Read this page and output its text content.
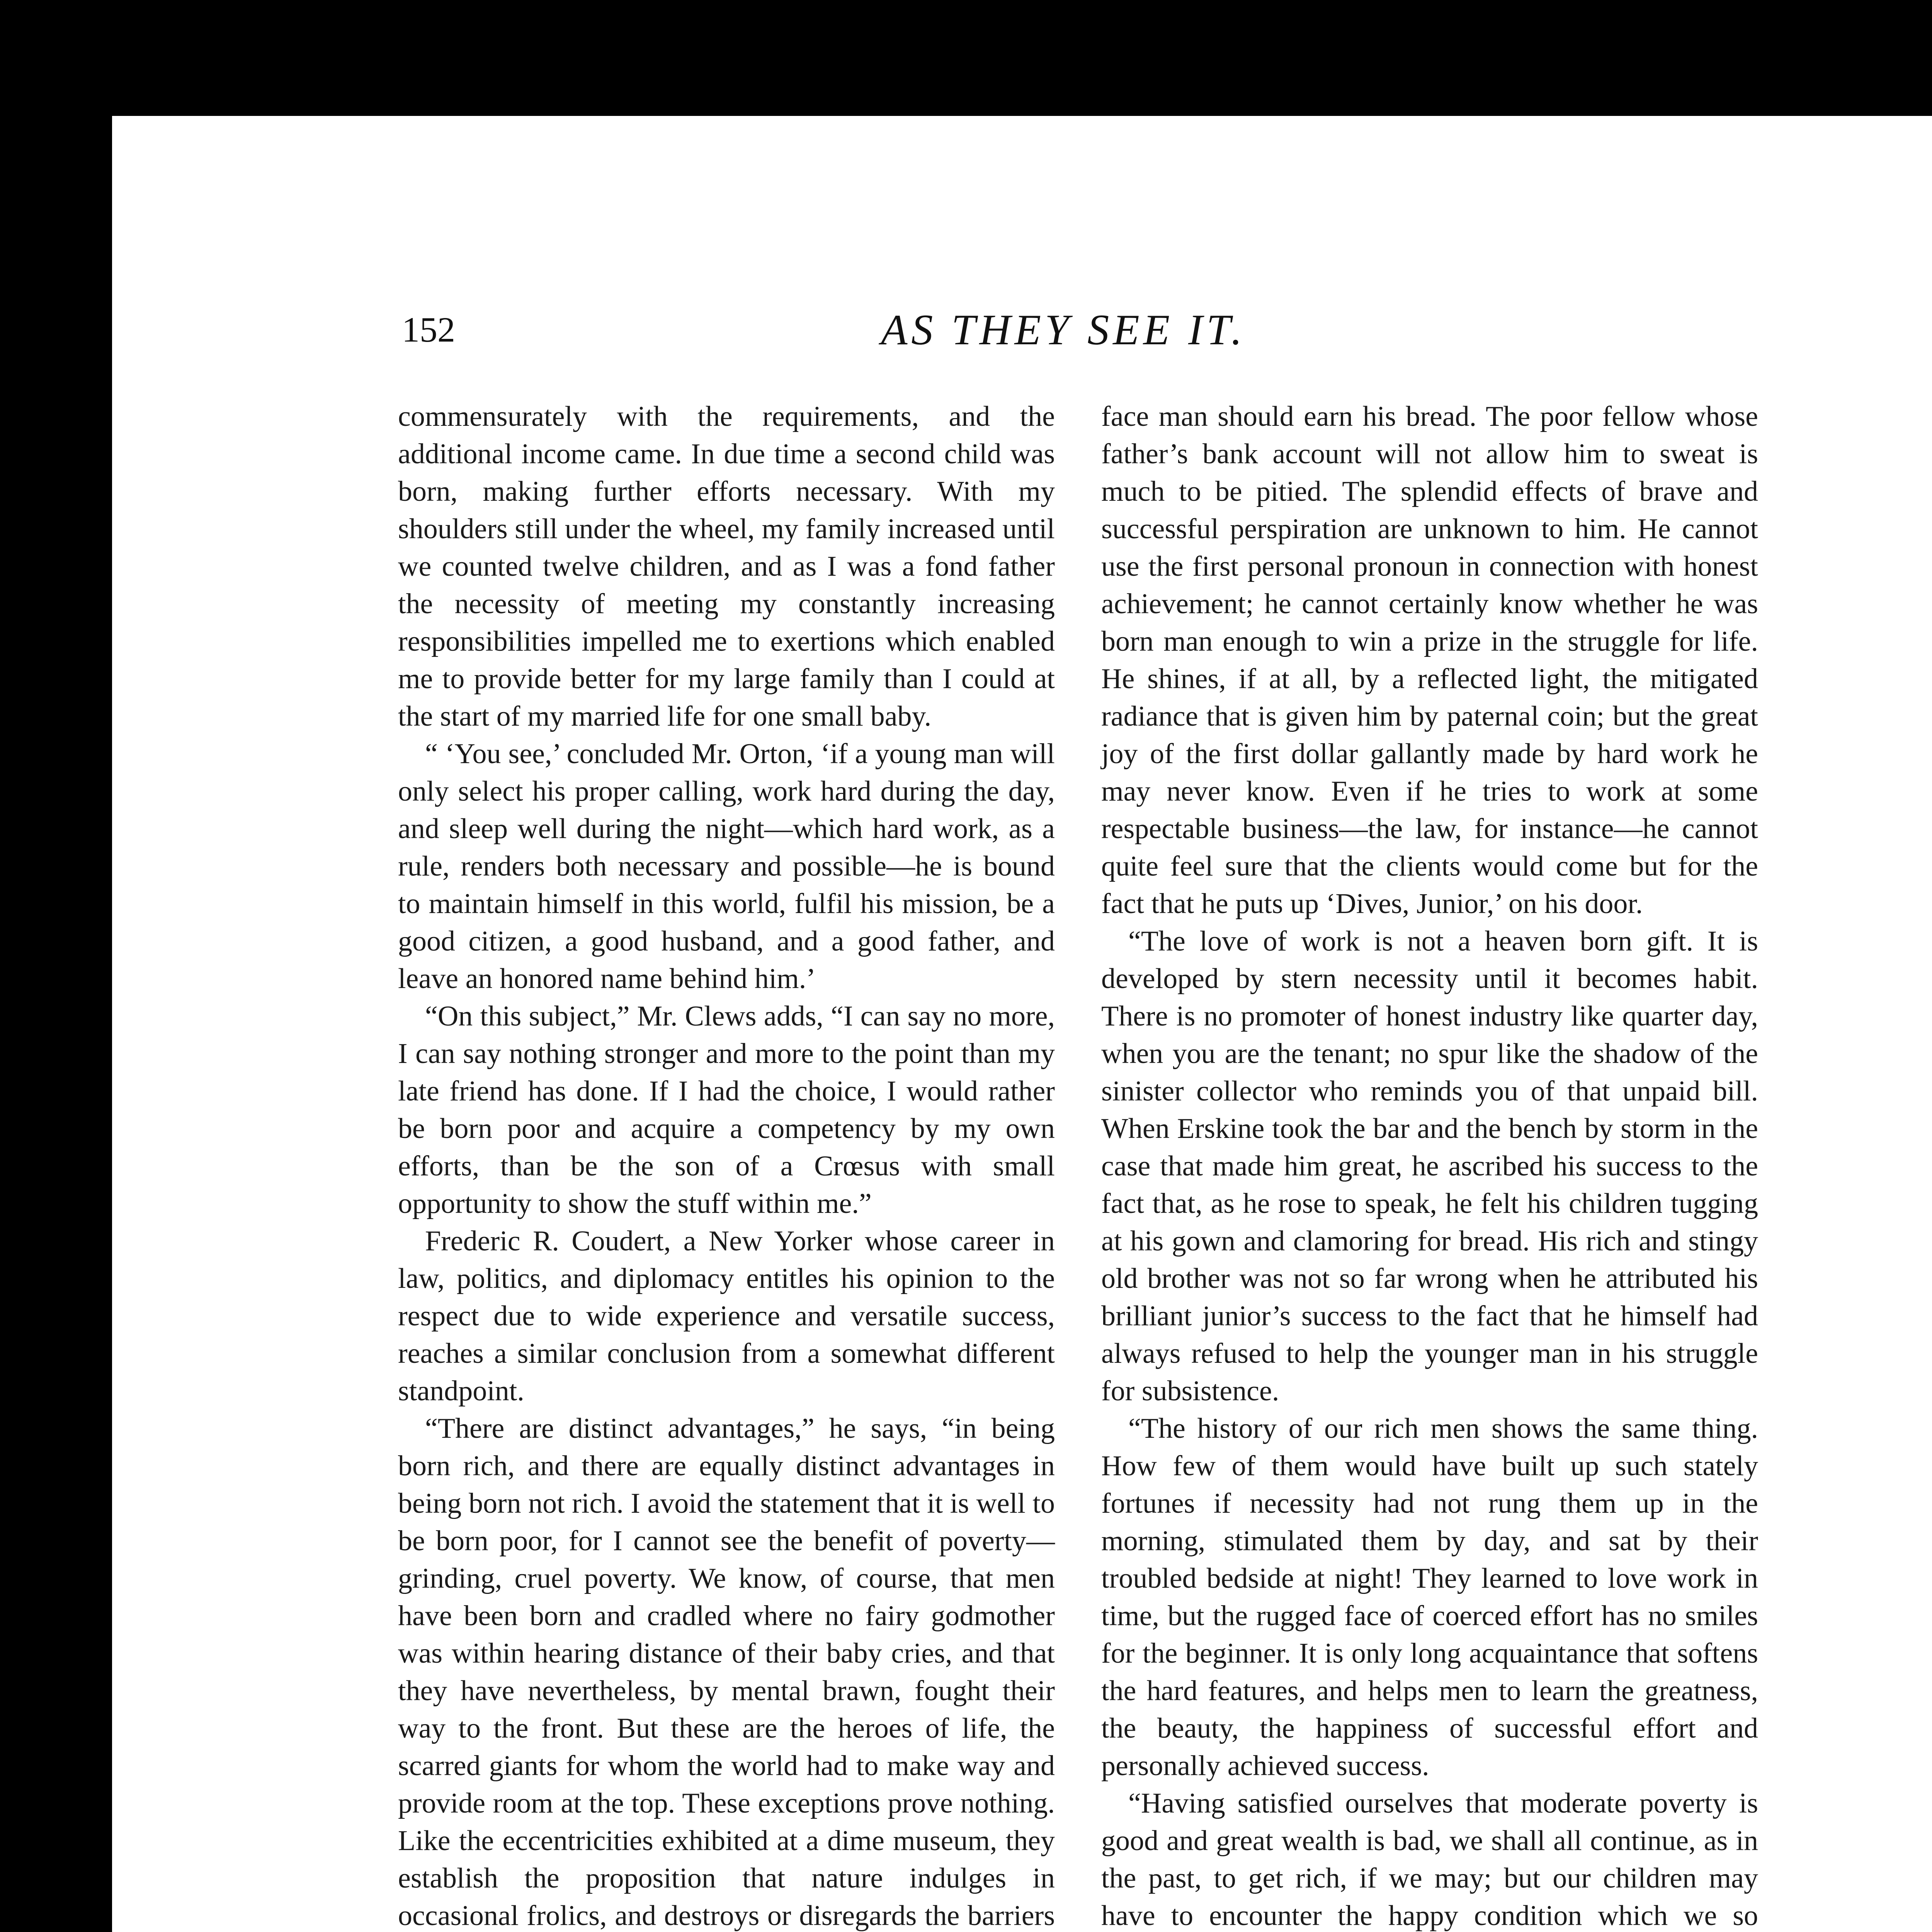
152	AS THEY SEE IT.

commensurately with the requirements, and the additional income came. In due time a second child was born, making further efforts necessary. With my shoulders still under the wheel, my family increased until we counted twelve children, and as I was a fond father the necessity of meeting my constantly increasing responsibilities impelled me to exertions which enabled me to provide better for my large family than I could at the start of my married life for one small baby.

“ ‘You see,’ concluded Mr. Orton, ‘if a young man will only select his proper calling, work hard during the day, and sleep well during the night—which hard work, as a rule, renders both necessary and possible—he is bound to maintain himself in this world, fulfil his mission, be a good citizen, a good husband, and a good father, and leave an honored name behind him.’

“On this subject,” Mr. Clews adds, “I can say no more, I can say nothing stronger and more to the point than my late friend has done. If I had the choice, I would rather be born poor and acquire a competency by my own efforts, than be the son of a Crœsus with small opportunity to show the stuff within me.”

Frederic R. Coudert, a New Yorker whose career in law, politics, and diplomacy entitles his opinion to the respect due to wide experience and versatile success, reaches a similar conclusion from a somewhat different standpoint.

“There are distinct advantages,” he says, “in being born rich, and there are equally distinct advantages in being born not rich. I avoid the statement that it is well to be born poor, for I cannot see the benefit of poverty—grinding, cruel poverty. We know, of course, that men have been born and cradled where no fairy godmother was within hearing distance of their baby cries, and that they have nevertheless, by mental brawn, fought their way to the front. But these are the heroes of life, the scarred giants for whom the world had to make way and provide room at the top. These exceptions prove nothing. Like the eccentricities exhibited at a dime museum, they establish the proposition that nature indulges in occasional frolics, and destroys or disregards the barriers

face man should earn his bread. The poor fellow whose father’s bank account will not allow him to sweat is much to be pitied. The splendid effects of brave and successful perspiration are unknown to him. He cannot use the first personal pronoun in connection with honest achievement; he cannot certainly know whether he was born man enough to win a prize in the struggle for life. He shines, if at all, by a reflected light, the mitigated radiance that is given him by paternal coin; but the great joy of the first dollar gallantly made by hard work he may never know. Even if he tries to work at some respectable business—the law, for instance—he cannot quite feel sure that the clients would come but for the fact that he puts up ‘Dives, Junior,’ on his door.

“The love of work is not a heaven born gift. It is developed by stern necessity until it becomes habit. There is no promoter of honest industry like quarter day, when you are the tenant; no spur like the shadow of the sinister collector who reminds you of that unpaid bill. When Erskine took the bar and the bench by storm in the case that made him great, he ascribed his success to the fact that, as he rose to speak, he felt his children tugging at his gown and clamoring for bread. His rich and stingy old brother was not so far wrong when he attributed his brilliant junior’s success to the fact that he himself had always refused to help the younger man in his struggle for subsistence.

“The history of our rich men shows the same thing. How few of them would have built up such stately fortunes if necessity had not rung them up in the morning, stimulated them by day, and sat by their troubled bedside at night! They learned to love work in time, but the rugged face of coerced effort has no smiles for the beginner. It is only long acquaintance that softens the hard features, and helps men to learn the greatness, the beauty, the happiness of successful effort and personally achieved success.

“Having satisfied ourselves that moderate poverty is good and great wealth is bad, we shall all continue, as in the past, to get rich, if we may; but our children may have to encounter the happy condition which we so
